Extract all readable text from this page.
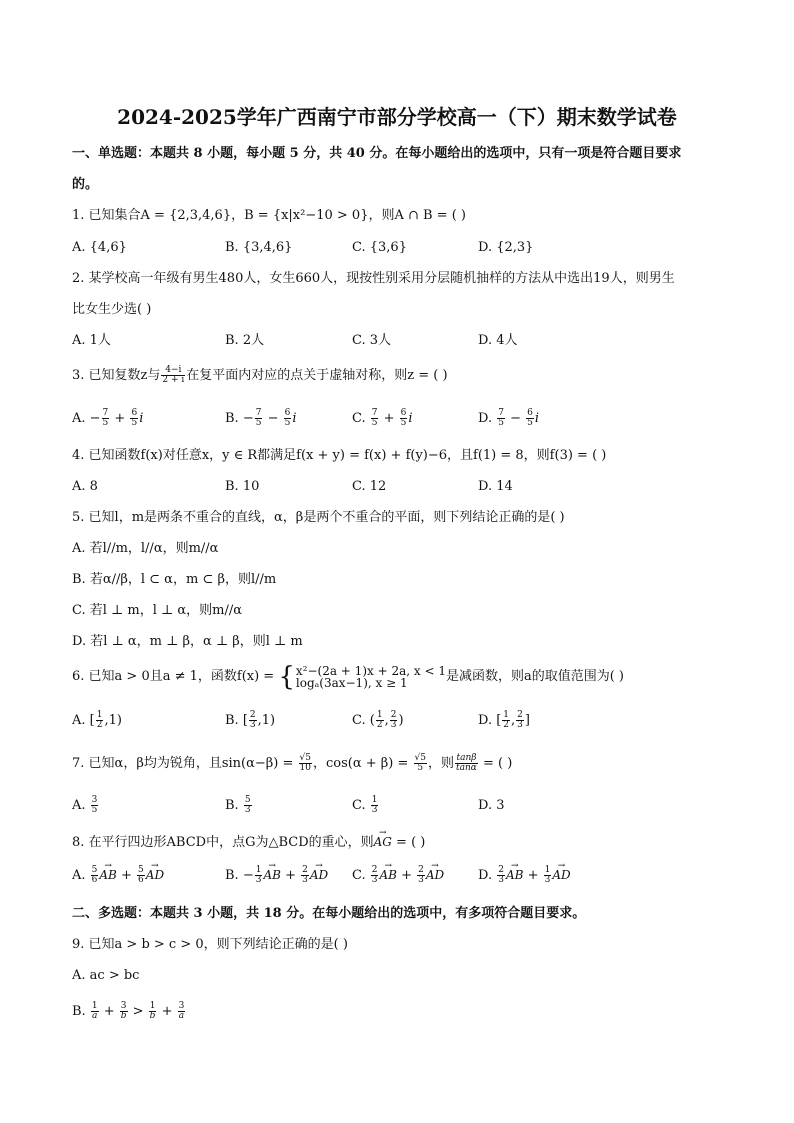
2024-2025学年广西南宁市部分学校高一（下）期末数学试卷
一、单选题：本题共 8 小题，每小题 5 分，共 40 分。在每小题给出的选项中，只有一项是符合题目要求
的。
1. 已知集合A = {2,3,4,6}，B = {x|x²−10 > 0}，则A ∩ B = ( )
A. {4,6}	B. {3,4,6}	C. {3,6}	D. {2,3}
2. 某学校高一年级有男生480人，女生660人，现按性别采用分层随机抽样的方法从中选出19人，则男生
比女生少选( )
A. 1人	B. 2人	C. 3人	D. 4人
3. 已知复数z与 $\frac{4-i}{2 + i}$ 在复平面内对应的点关于虚轴对称，则z = ( )
A. − $\frac{7}{5} + \frac{6}{5}$ i	B. − $\frac{7}{5} - \frac{6}{5}$ i	C. $\frac{7}{5} + \frac{6}{5}$ i	D. $\frac{7}{5} - \frac{6}{5}$ i
4. 已知函数f(x)对任意x，y ∈ R都满足f(x + y) = f(x) + f(y)−6，且f(1) = 8，则f(3) = ( )
A. 8	B. 10	C. 12	D. 14
5. 已知l，m是两条不重合的直线，α，β是两个不重合的平面，则下列结论正确的是( )
A. 若l//m，l//α，则m//α
B. 若α//β，l ⊂ α，m ⊂ β，则l//m
C. 若l ⊥ m，l ⊥ α，则m//α
D. 若l ⊥ α，m ⊥ β，α ⊥ β，则l ⊥ m
6. 已知a > 0且a ≠ 1，函数f(x) = { x²−(2a + 1)x + 2a, x < 1
logₐ(3ax−1), x ≥ 1	是减函数，则a的取值范围为( )
A. [ $\frac{1}{2} ,1$)	B. [ $\frac{2}{3} ,1$)	C. ( $\frac{1}{2}$ , $\frac{2}{3}$ )	D. [ $\frac{1}{2}$ , $\frac{2}{3}$ ]
7. 已知α，β均为锐角，且$\sin(\alpha-\beta) = \frac{√5}{10}$ ，$\cos(\alpha + \beta) = \frac{√5}{5}$ ，则 $\frac{\tan\beta}{\tan\alpha}$ = ( )
A. $\frac{3}{5}$	B. $\frac{5}{3}$	C. $\frac{1}{3}$	D. 3
8. 在平行四边形ABCD中，点G为△BCD的重心，则→ AG = ( )
A. $\frac{5}{6}$ → AB + $\frac{5}{6}$ → AD	B. − $\frac{1}{3}$ → AB + $\frac{2}{3}$ → AD C. $\frac{2}{3}$ → AB + $\frac{2}{3}$ → AD	D. $\frac{2}{3}$ → AB + $\frac{1}{3}$ → AD
二、多选题：本题共 3 小题，共 18 分。在每小题给出的选项中，有多项符合题目要求。
9. 已知a > b > c > 0，则下列结论正确的是( )
A. ac > bc
B. $\frac{1}{a} + \frac{3}{b} > \frac{1}{b} + \frac{3}{a}$
